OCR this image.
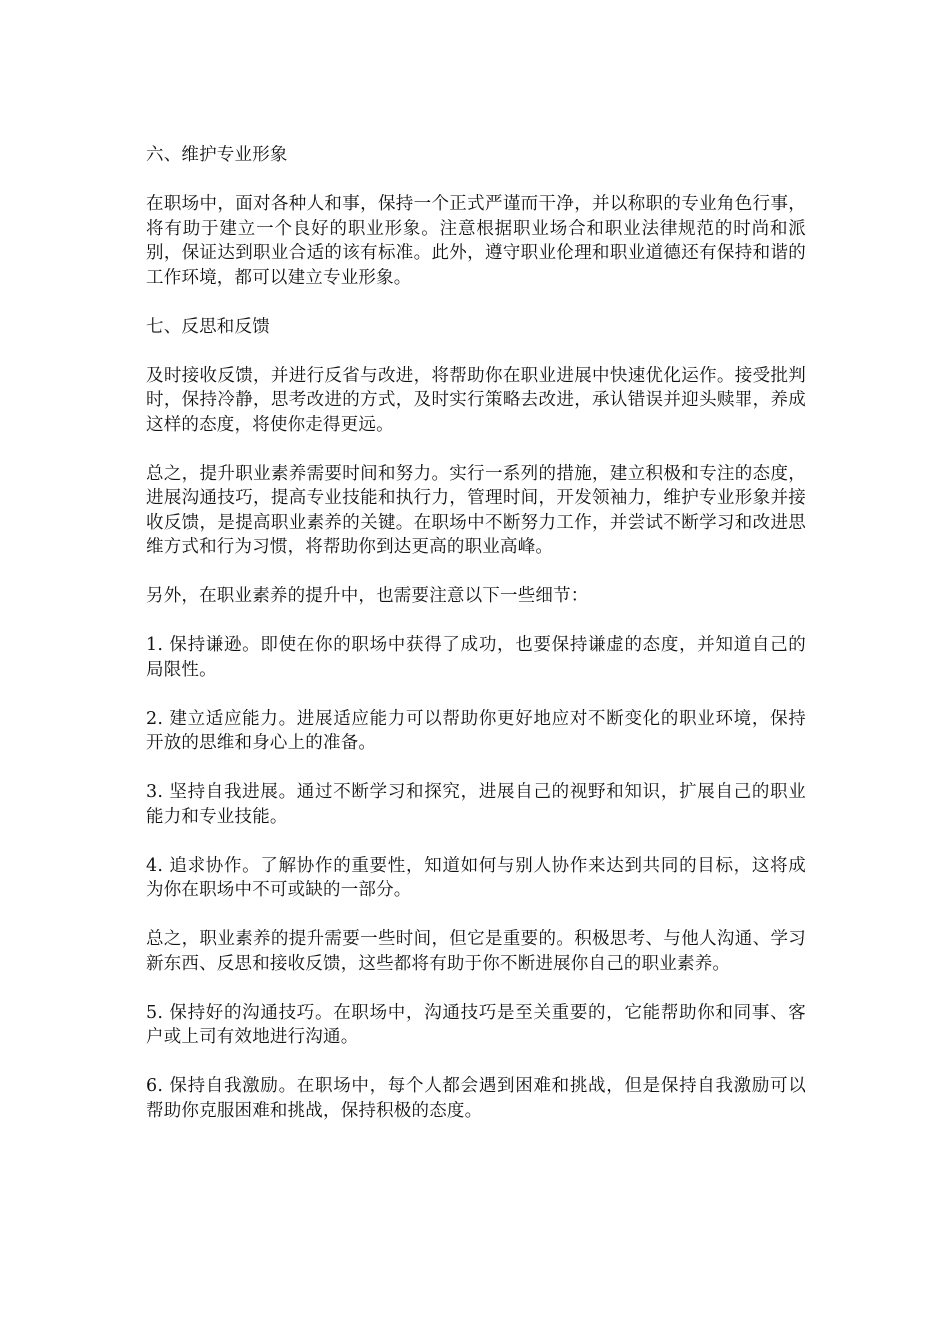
六、维护专业形象

在职场中，面对各种人和事，保持一个正式严谨而干净，并以称职的专业角色行事，将有助于建立一个良好的职业形象。注意根据职业场合和职业法律规范的时尚和派别，保证达到职业合适的该有标准。此外，遵守职业伦理和职业道德还有保持和谐的工作环境，都可以建立专业形象。

七、反思和反馈

及时接收反馈，并进行反省与改进，将帮助你在职业进展中快速优化运作。接受批判时，保持冷静，思考改进的方式，及时实行策略去改进，承认错误并迎头赎罪，养成这样的态度，将使你走得更远。

总之，提升职业素养需要时间和努力。实行一系列的措施，建立积极和专注的态度，进展沟通技巧，提高专业技能和执行力，管理时间，开发领袖力，维护专业形象并接收反馈，是提高职业素养的关键。在职场中不断努力工作，并尝试不断学习和改进思维方式和行为习惯，将帮助你到达更高的职业高峰。

另外，在职业素养的提升中，也需要注意以下一些细节：

1. 保持谦逊。即使在你的职场中获得了成功，也要保持谦虚的态度，并知道自己的局限性。

2. 建立适应能力。进展适应能力可以帮助你更好地应对不断变化的职业环境，保持开放的思维和身心上的准备。

3. 坚持自我进展。通过不断学习和探究，进展自己的视野和知识，扩展自己的职业能力和专业技能。

4. 追求协作。了解协作的重要性，知道如何与别人协作来达到共同的目标，这将成为你在职场中不可或缺的一部分。

总之，职业素养的提升需要一些时间，但它是重要的。积极思考、与他人沟通、学习新东西、反思和接收反馈，这些都将有助于你不断进展你自己的职业素养。

5. 保持好的沟通技巧。在职场中，沟通技巧是至关重要的，它能帮助你和同事、客户或上司有效地进行沟通。

6. 保持自我激励。在职场中，每个人都会遇到困难和挑战，但是保持自我激励可以帮助你克服困难和挑战，保持积极的态度。
